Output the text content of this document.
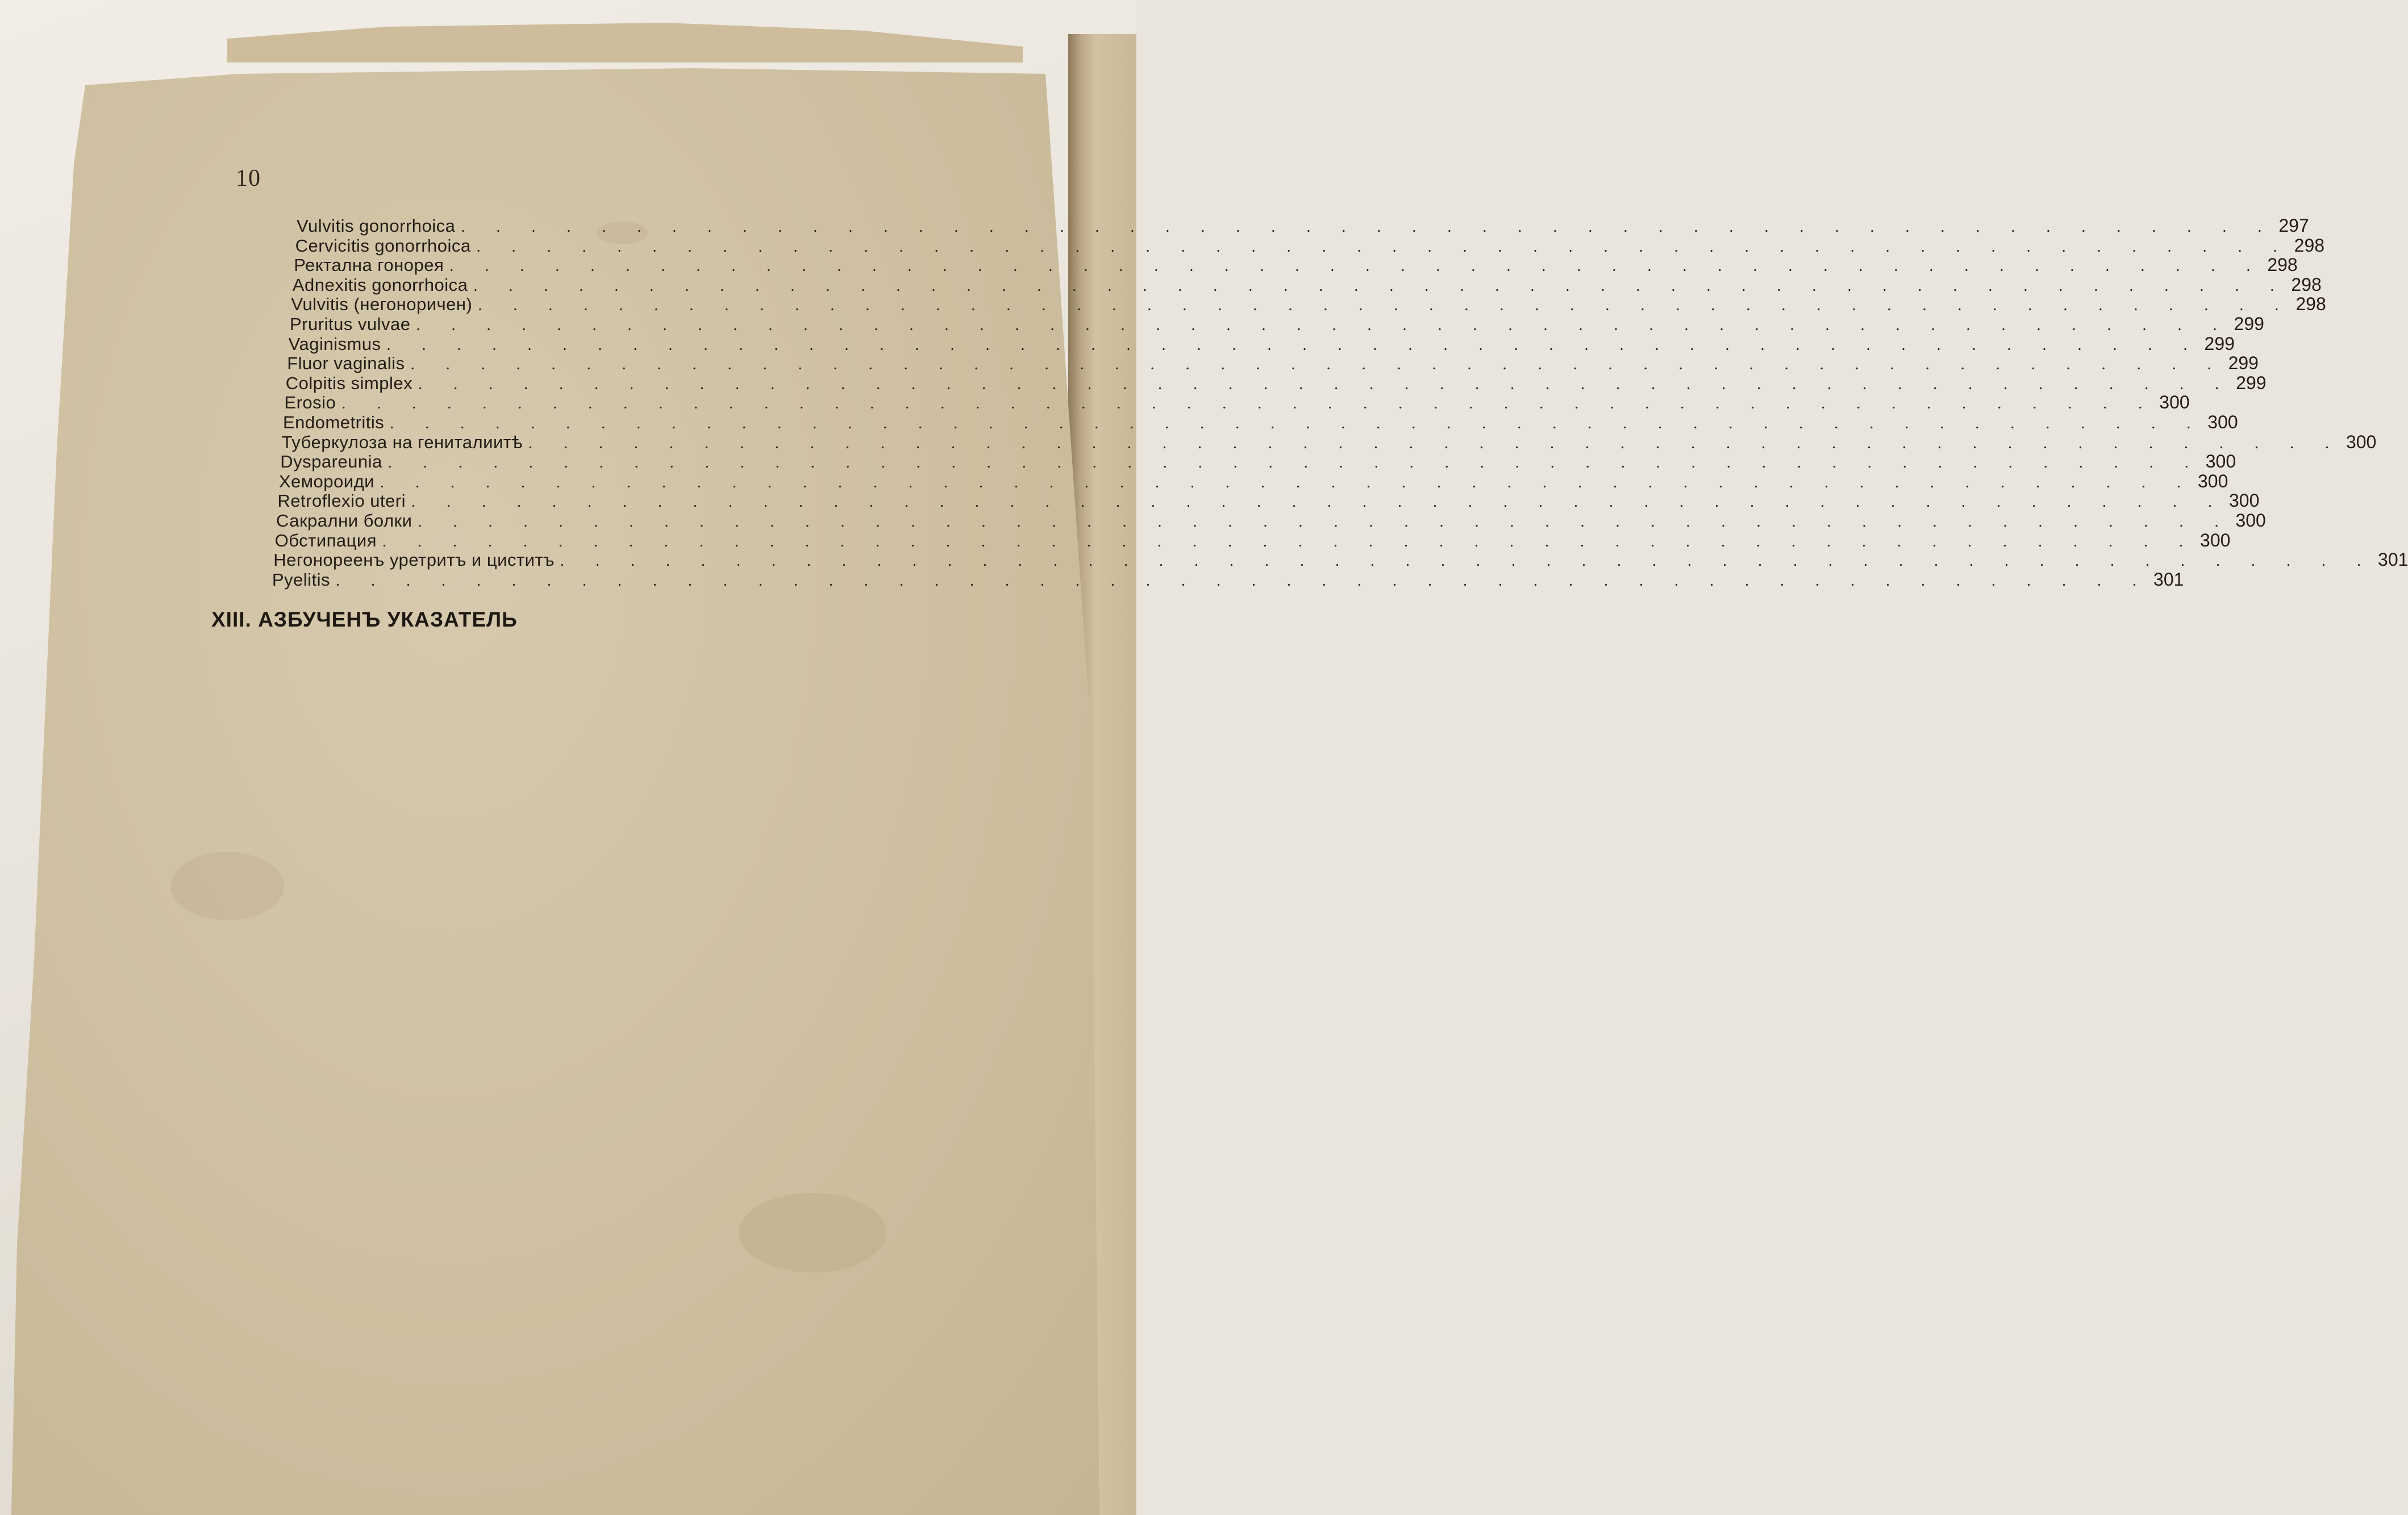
10
Vulvitis gonorrhoica . . . . . . . . . . . . . . . . . . . . . . . . . . . . . . . . . . . . . . . . . . . . . . . . . . . . 297
Cervicitis gonorrhoica . . . . . . . . . . . . . . . . . . . . . . . . . . . . . . . . . . . . . . . . . . . . . . . . . . . . 298
Ректална гонорея . . . . . . . . . . . . . . . . . . . . . . . . . . . . . . . . . . . . . . . . . . . . . . . . . . . . 298
Adnexitis gonorrhoica . . . . . . . . . . . . . . . . . . . . . . . . . . . . . . . . . . . . . . . . . . . . . . . . . . . . 298
Vulvitis (негоноричен) . . . . . . . . . . . . . . . . . . . . . . . . . . . . . . . . . . . . . . . . . . . . . . . . . . . . 298
Pruritus vulvae . . . . . . . . . . . . . . . . . . . . . . . . . . . . . . . . . . . . . . . . . . . . . . . . . . . . 299
Vaginismus . . . . . . . . . . . . . . . . . . . . . . . . . . . . . . . . . . . . . . . . . . . . . . . . . . . . 299
Fluor vaginalis . . . . . . . . . . . . . . . . . . . . . . . . . . . . . . . . . . . . . . . . . . . . . . . . . . . . 299
Colpitis simplex . . . . . . . . . . . . . . . . . . . . . . . . . . . . . . . . . . . . . . . . . . . . . . . . . . . . 299
Erosio . . . . . . . . . . . . . . . . . . . . . . . . . . . . . . . . . . . . . . . . . . . . . . . . . . . . 300
Endometritis . . . . . . . . . . . . . . . . . . . . . . . . . . . . . . . . . . . . . . . . . . . . . . . . . . . . 300
Туберкулоза на гениталиитѣ . . . . . . . . . . . . . . . . . . . . . . . . . . . . . . . . . . . . . . . . . . . . . . . . . . . . 300
Dyspareunia . . . . . . . . . . . . . . . . . . . . . . . . . . . . . . . . . . . . . . . . . . . . . . . . . . . . 300
Хемороиди . . . . . . . . . . . . . . . . . . . . . . . . . . . . . . . . . . . . . . . . . . . . . . . . . . . . 300
Retroflexio uteri . . . . . . . . . . . . . . . . . . . . . . . . . . . . . . . . . . . . . . . . . . . . . . . . . . . . 300
Сакрални болки . . . . . . . . . . . . . . . . . . . . . . . . . . . . . . . . . . . . . . . . . . . . . . . . . . . . 300
Обстипация . . . . . . . . . . . . . . . . . . . . . . . . . . . . . . . . . . . . . . . . . . . . . . . . . . . . 300
Негонореенъ уретритъ и циститъ . . . . . . . . . . . . . . . . . . . . . . . . . . . . . . . . . . . . . . . . . . . . . . . . . . . . 301
Pyelitis . . . . . . . . . . . . . . . . . . . . . . . . . . . . . . . . . . . . . . . . . . . . . . . . . . . . 301
XIII. АЗБУЧЕНЪ УКАЗАТЕЛЬ
